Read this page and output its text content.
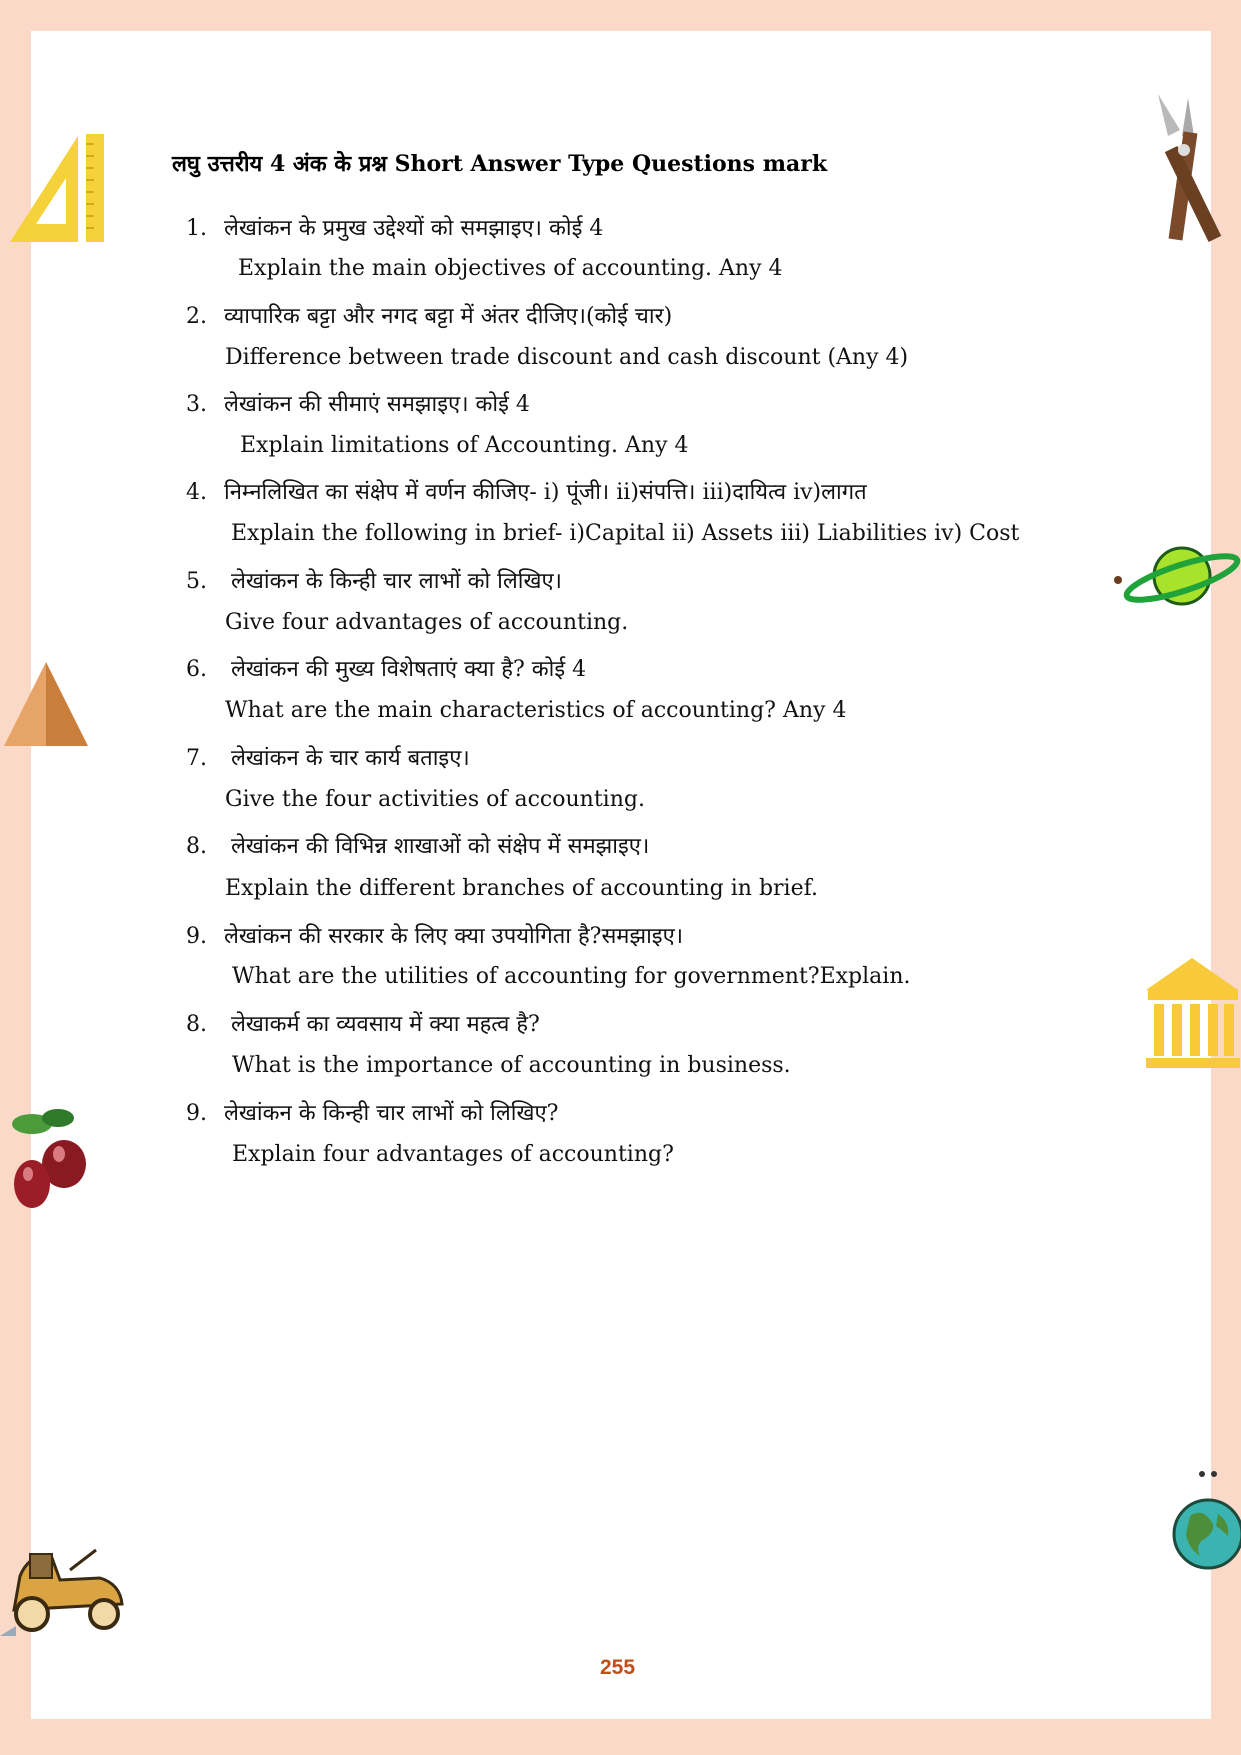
लघु उत्तरीय 4 अंक के प्रश्न Short Answer Type Questions mark
1. लेखांकन के प्रमुख उद्देश्यों को समझाइए। कोई 4
Explain the main objectives of accounting. Any 4
2. व्यापारिक बट्टा और नगद बट्टा में अंतर दीजिए।(कोई चार)
Difference between trade discount and cash discount (Any 4)
3. लेखांकन की सीमाएं समझाइए। कोई 4
Explain limitations of Accounting. Any 4
4. निम्नलिखित का संक्षेप में वर्णन कीजिए- i) पूंजी। ii)संपत्ति। iii)दायित्व iv)लागत
Explain the following in brief- i)Capital ii) Assets iii) Liabilities iv) Cost
5. लेखांकन के किन्ही चार लाभों को लिखिए।
Give four advantages of accounting.
6. लेखांकन की मुख्य विशेषताएं क्या है? कोई 4
What are the main characteristics of accounting? Any 4
7. लेखांकन के चार कार्य बताइए।
Give the four activities of accounting.
8. लेखांकन की विभिन्न शाखाओं को संक्षेप में समझाइए।
Explain the different branches of accounting in brief.
9. लेखांकन की सरकार के लिए क्या उपयोगिता है?समझाइए।
What are the utilities of accounting for government?Explain.
8. लेखाकर्म का व्यवसाय में क्या महत्व है?
What is the importance of accounting in business.
9. लेखांकन के किन्ही चार लाभों को लिखिए?
Explain four advantages of accounting?
255
